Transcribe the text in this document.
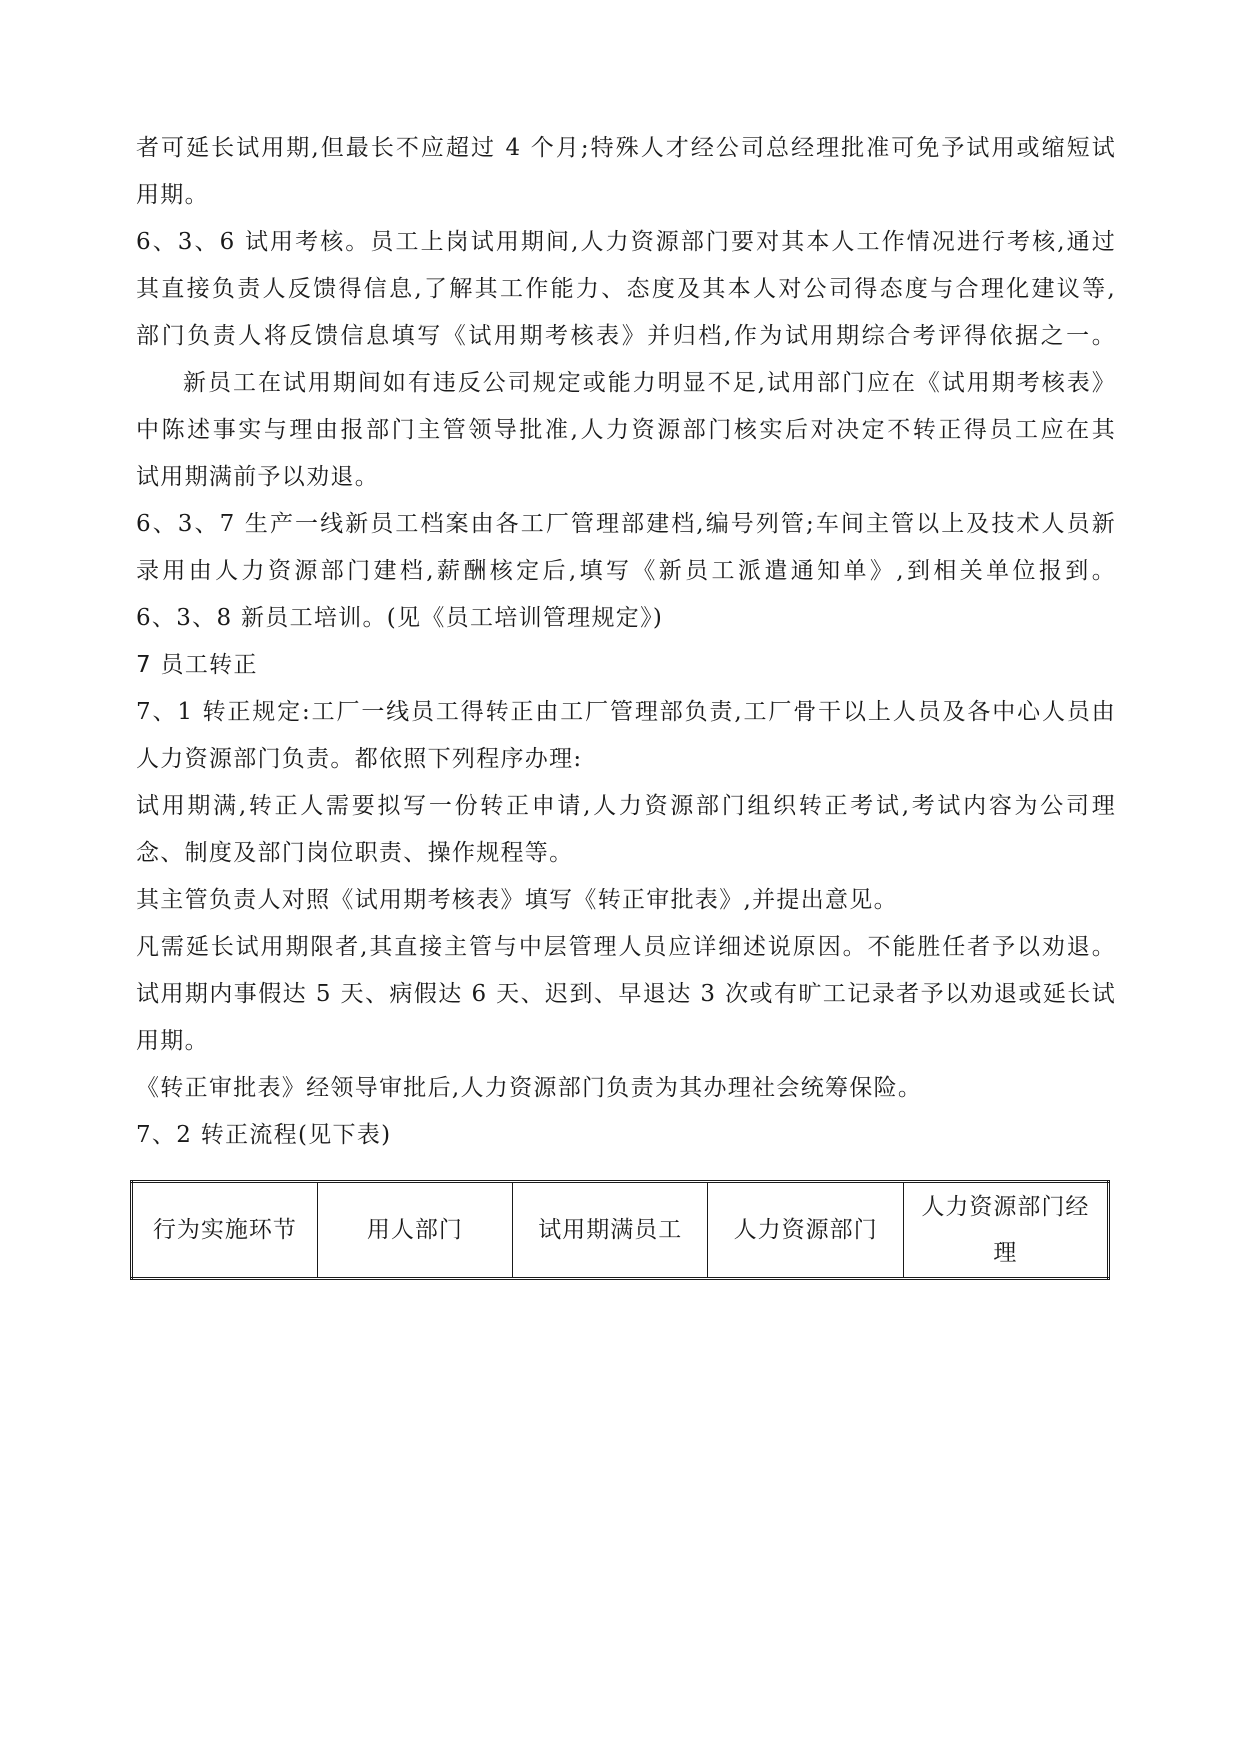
者可延长试用期,但最长不应超过 4 个月;特殊人才经公司总经理批准可免予试用或缩短试
用期。
6、3、6 试用考核。员工上岗试用期间,人力资源部门要对其本人工作情况进行考核,通过
其直接负责人反馈得信息,了解其工作能力、态度及其本人对公司得态度与合理化建议等,
部门负责人将反馈信息填写《试用期考核表》并归档,作为试用期综合考评得依据之一。
新员工在试用期间如有违反公司规定或能力明显不足,试用部门应在《试用期考核表》
中陈述事实与理由报部门主管领导批准,人力资源部门核实后对决定不转正得员工应在其
试用期满前予以劝退。
6、3、7 生产一线新员工档案由各工厂管理部建档,编号列管;车间主管以上及技术人员新
录用由人力资源部门建档,薪酬核定后,填写《新员工派遣通知单》,到相关单位报到。
6、3、8 新员工培训。(见《员工培训管理规定》)
7 员工转正
7、1 转正规定:工厂一线员工得转正由工厂管理部负责,工厂骨干以上人员及各中心人员由
人力资源部门负责。都依照下列程序办理:
试用期满,转正人需要拟写一份转正申请,人力资源部门组织转正考试,考试内容为公司理
念、制度及部门岗位职责、操作规程等。
其主管负责人对照《试用期考核表》填写《转正审批表》,并提出意见。
凡需延长试用期限者,其直接主管与中层管理人员应详细述说原因。不能胜任者予以劝退。
试用期内事假达 5 天、病假达 6 天、迟到、早退达 3 次或有旷工记录者予以劝退或延长试
用期。
《转正审批表》经领导审批后,人力资源部门负责为其办理社会统筹保险。
7、2 转正流程(见下表)
行为实施环节	用人部门	试用期满员工	人力资源部门	人力资源部门经理
